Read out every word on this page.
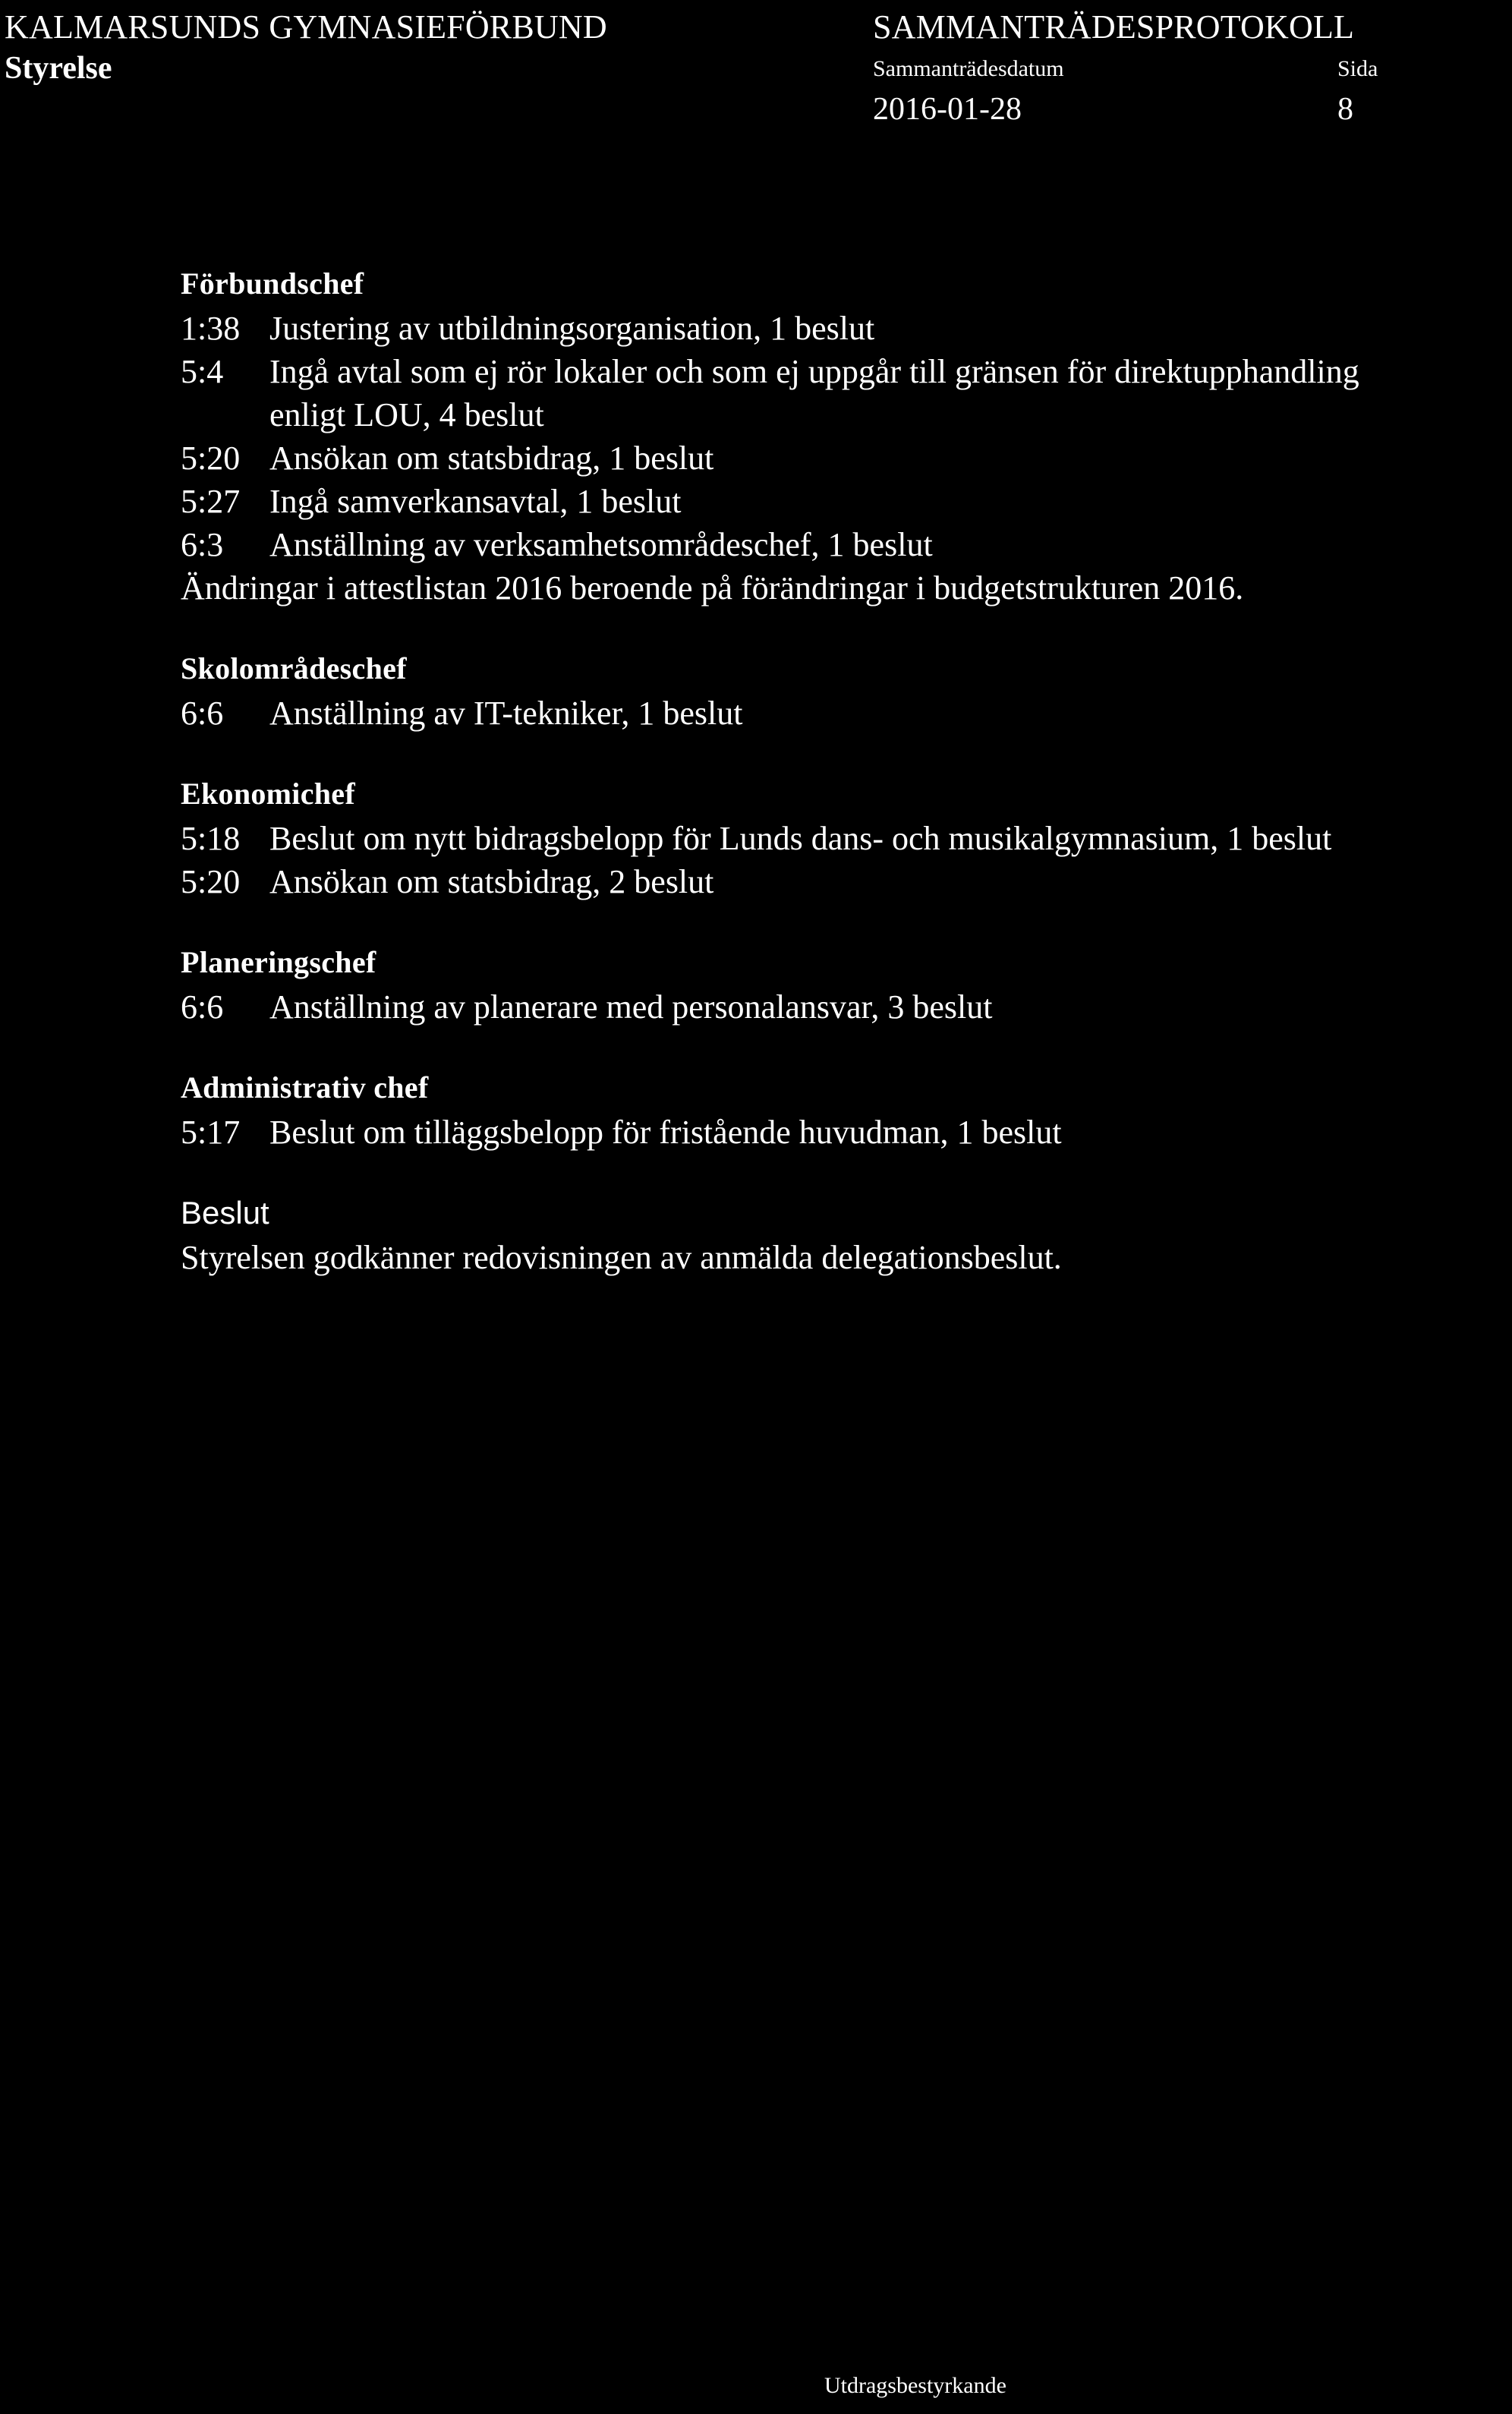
KALMARSUNDS GYMNASIEFÖRBUND
Styrelse
SAMMANTRÄDESPROTOKOLL
Sammanträdesdatum	Sida
2016-01-28	8
Förbundschef
1:38 Justering av utbildningsorganisation, 1 beslut
5:4	Ingå avtal som ej rör lokaler och som ej uppgår till gränsen för direktupphandling
enligt LOU, 4 beslut
5:20 Ansökan om statsbidrag, 1 beslut
5:27 Ingå samverkansavtal, 1 beslut
6:3	Anställning av verksamhetsområdeschef, 1 beslut
Ändringar i attestlistan 2016 beroende på förändringar i budgetstrukturen 2016.
Skolområdeschef
6:6	Anställning av IT-tekniker, 1 beslut
Ekonomichef
5:18 Beslut om nytt bidragsbelopp för Lunds dans- och musikalgymnasium, 1 beslut
5:20 Ansökan om statsbidrag, 2 beslut
Planeringschef
6:6	Anställning av planerare med personalansvar, 3 beslut
Administrativ chef
5:17 Beslut om tilläggsbelopp för fristående huvudman, 1 beslut
Beslut
Styrelsen godkänner redovisningen av anmälda delegationsbeslut.
Utdragsbestyrkande
